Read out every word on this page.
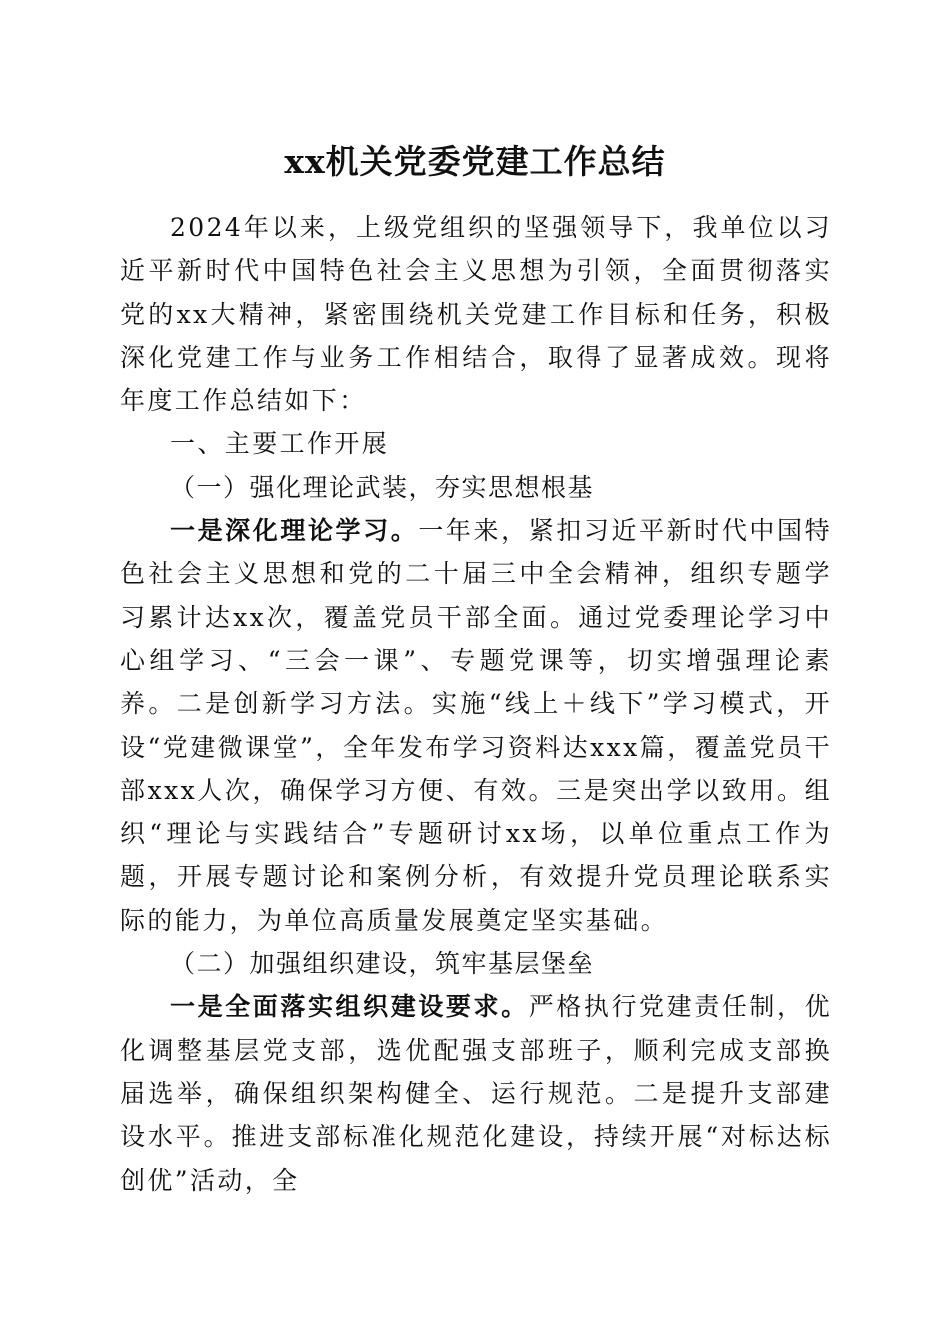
xx机关党委党建工作总结

2024年以来，上级党组织的坚强领导下，我单位以习近平新时代中国特色社会主义思想为引领，全面贯彻落实党的xx大精神，紧密围绕机关党建工作目标和任务，积极深化党建工作与业务工作相结合，取得了显著成效。现将年度工作总结如下：

一、主要工作开展

（一）强化理论武装，夯实思想根基

一是深化理论学习。一年来，紧扣习近平新时代中国特色社会主义思想和党的二十届三中全会精神，组织专题学习累计达xx次，覆盖党员干部全面。通过党委理论学习中心组学习、“三会一课”、专题党课等，切实增强理论素养。二是创新学习方法。实施“线上＋线下”学习模式，开设“党建微课堂”，全年发布学习资料达xxx篇，覆盖党员干部xxx人次，确保学习方便、有效。三是突出学以致用。组织“理论与实践结合”专题研讨xx场，以单位重点工作为题，开展专题讨论和案例分析，有效提升党员理论联系实际的能力，为单位高质量发展奠定坚实基础。

（二）加强组织建设，筑牢基层堡垒

一是全面落实组织建设要求。严格执行党建责任制，优化调整基层党支部，选优配强支部班子，顺利完成支部换届选举，确保组织架构健全、运行规范。二是提升支部建设水平。推进支部标准化规范化建设，持续开展“对标达标创优”活动，全
